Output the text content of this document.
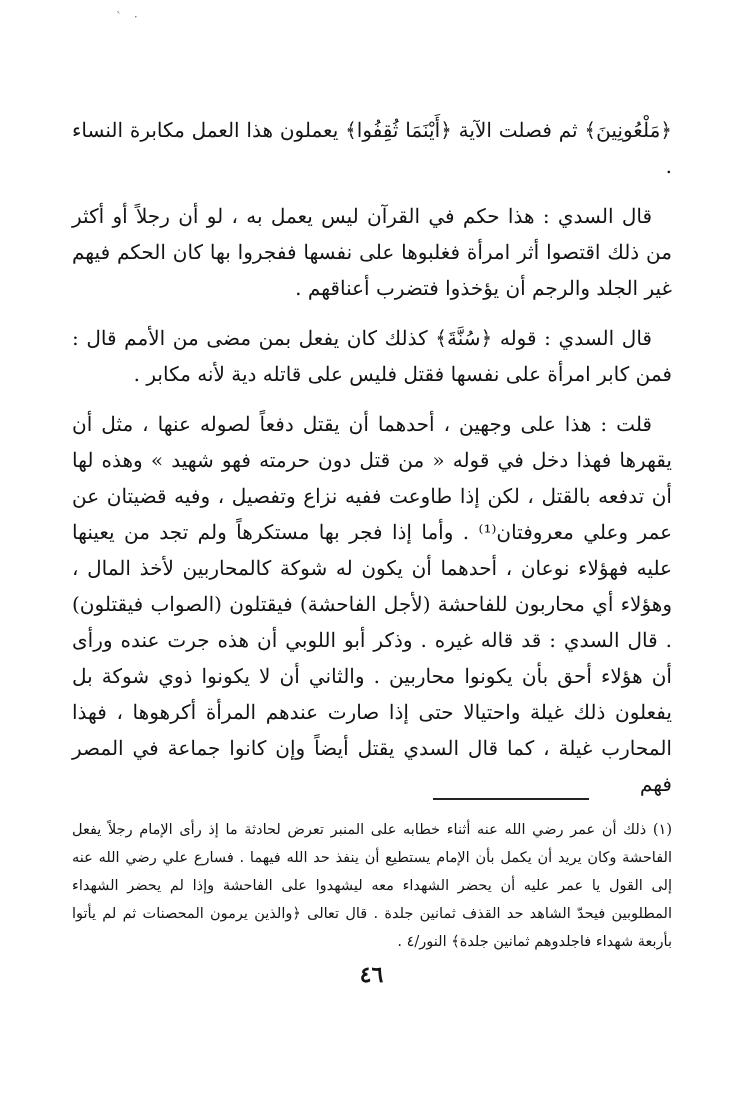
` ·

﴿مَلْعُونِينَ﴾ ثم فصلت الآية ﴿أَيْنَمَا ثُقِفُوا﴾ يعملون هذا العمل مكابرة النساء .

قال السدي : هذا حكم في القرآن ليس يعمل به ، لو أن رجلاً أو أكثر من ذلك اقتصوا أثر امرأة فغلبوها على نفسها ففجروا بها كان الحكم فيهم غير الجلد والرجم أن يؤخذوا فتضرب أعناقهم .

قال السدي : قوله ﴿سُنَّةَ﴾ كذلك كان يفعل بمن مضى من الأمم قال : فمن كابر امرأة على نفسها فقتل فليس على قاتله دية لأنه مكابر .

قلت : هذا على وجهين ، أحدهما أن يقتل دفعاً لصوله عنها ، مثل أن يقهرها فهذا دخل في قوله « من قتل دون حرمته فهو شهيد » وهذه لها أن تدفعه بالقتل ، لكن إذا طاوعت ففيه نزاع وتفصيل ، وفيه قضيتان عن عمر وعلي معروفتان⁽¹⁾ . وأما إذا فجر بها مستكرهاً ولم تجد من يعينها عليه فهؤلاء نوعان ، أحدهما أن يكون له شوكة كالمحاربين لأخذ المال ، وهؤلاء أي محاربون للفاحشة (لأجل الفاحشة) فيقتلون (الصواب فيقتلون) . قال السدي : قد قاله غيره . وذكر أبو اللوبي أن هذه جرت عنده ورأى أن هؤلاء أحق بأن يكونوا محاربين . والثاني أن لا يكونوا ذوي شوكة بل يفعلون ذلك غيلة واحتيالا حتى إذا صارت عندهم المرأة أكرهوها ، فهذا المحارب غيلة ، كما قال السدي يقتل أيضاً وإن كانوا جماعة في المصر فهم

(١) ذلك أن عمر رضي الله عنه أثناء خطابه على المنبر تعرض لحادثة ما إذ رأى الإمام رجلاً يفعل الفاحشة وكان يريد أن يكمل بأن الإمام يستطيع أن ينفذ حد الله فيهما . فسارع علي رضي الله عنه إلى القول يا عمر عليه أن يحضر الشهداء معه ليشهدوا على الفاحشة وإذا لم يحضر الشهداء المطلوبين فيحدّ الشاهد حد القذف ثمانين جلدة . قال تعالى ﴿والذين يرمون المحصنات ثم لم يأتوا بأربعة شهداء فاجلدوهم ثمانين جلدة﴾ النور/٤ .

٤٦
